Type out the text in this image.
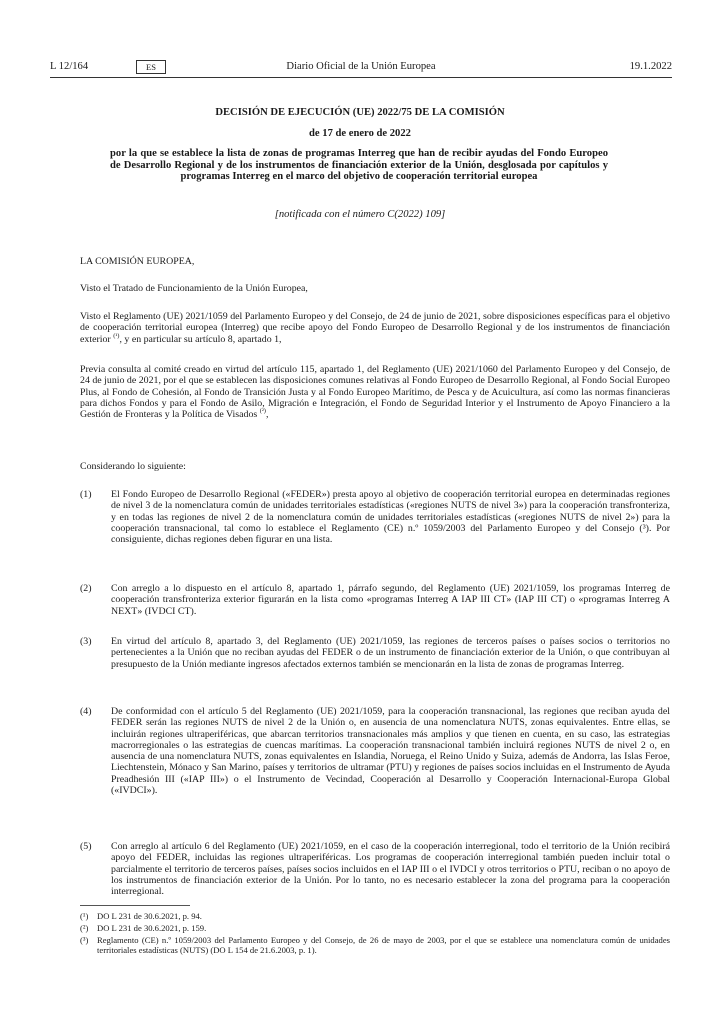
L 12/164	ES	Diario Oficial de la Unión Europea	19.1.2022
DECISIÓN DE EJECUCIÓN (UE) 2022/75 DE LA COMISIÓN
de 17 de enero de 2022
por la que se establece la lista de zonas de programas Interreg que han de recibir ayudas del Fondo Europeo de Desarrollo Regional y de los instrumentos de financiación exterior de la Unión, desglosada por capítulos y programas Interreg en el marco del objetivo de cooperación territorial europea
[notificada con el número C(2022) 109]
LA COMISIÓN EUROPEA,
Visto el Tratado de Funcionamiento de la Unión Europea,
Visto el Reglamento (UE) 2021/1059 del Parlamento Europeo y del Consejo, de 24 de junio de 2021, sobre disposiciones específicas para el objetivo de cooperación territorial europea (Interreg) que recibe apoyo del Fondo Europeo de Desarrollo Regional y de los instrumentos de financiación exterior $^{(^1)}$, y en particular su artículo 8, apartado 1,
Previa consulta al comité creado en virtud del artículo 115, apartado 1, del Reglamento (UE) 2021/1060 del Parlamento Europeo y del Consejo, de 24 de junio de 2021, por el que se establecen las disposiciones comunes relativas al Fondo Europeo de Desarrollo Regional, al Fondo Social Europeo Plus, al Fondo de Cohesión, al Fondo de Transición Justa y al Fondo Europeo Marítimo, de Pesca y de Acuicultura, así como las normas financieras para dichos Fondos y para el Fondo de Asilo, Migración e Integración, el Fondo de Seguridad Interior y el Instrumento de Apoyo Financiero a la Gestión de Fronteras y la Política de Visados $^{(^2)}$,
Considerando lo siguiente:
(1) El Fondo Europeo de Desarrollo Regional («FEDER») presta apoyo al objetivo de cooperación territorial europea en determinadas regiones de nivel 3 de la nomenclatura común de unidades territoriales estadísticas («regiones NUTS de nivel 3») para la cooperación transfronteriza, y en todas las regiones de nivel 2 de la nomenclatura común de unidades territoriales estadísticas («regiones NUTS de nivel 2») para la cooperación transnacional, tal como lo establece el Reglamento (CE) n.º 1059/2003 del Parlamento Europeo y del Consejo (³). Por consiguiente, dichas regiones deben figurar en una lista.
(2) Con arreglo a lo dispuesto en el artículo 8, apartado 1, párrafo segundo, del Reglamento (UE) 2021/1059, los programas Interreg de cooperación transfronteriza exterior figurarán en la lista como «programas Interreg A IAP III CT» (IAP III CT) o «programas Interreg A NEXT» (IVDCI CT).
(3) En virtud del artículo 8, apartado 3, del Reglamento (UE) 2021/1059, las regiones de terceros países o países socios o territorios no pertenecientes a la Unión que no reciban ayudas del FEDER o de un instrumento de financiación exterior de la Unión, o que contribuyan al presupuesto de la Unión mediante ingresos afectados externos también se mencionarán en la lista de zonas de programas Interreg.
(4) De conformidad con el artículo 5 del Reglamento (UE) 2021/1059, para la cooperación transnacional, las regiones que reciban ayuda del FEDER serán las regiones NUTS de nivel 2 de la Unión o, en ausencia de una nomenclatura NUTS, zonas equivalentes. Entre ellas, se incluirán regiones ultraperiféricas, que abarcan territorios transnacionales más amplios y que tienen en cuenta, en su caso, las estrategias macrorregionales o las estrategias de cuencas marítimas. La cooperación transnacional también incluirá regiones NUTS de nivel 2 o, en ausencia de una nomenclatura NUTS, zonas equivalentes en Islandia, Noruega, el Reino Unido y Suiza, además de Andorra, las Islas Feroe, Liechtenstein, Mónaco y San Marino, países y territorios de ultramar (PTU) y regiones de países socios incluidas en el Instrumento de Ayuda Preadhesión III («IAP III») o el Instrumento de Vecindad, Cooperación al Desarrollo y Cooperación Internacional-Europa Global («IVDCI»).
(5) Con arreglo al artículo 6 del Reglamento (UE) 2021/1059, en el caso de la cooperación interregional, todo el territorio de la Unión recibirá apoyo del FEDER, incluidas las regiones ultraperiféricas. Los programas de cooperación interregional también pueden incluir total o parcialmente el territorio de terceros países, países socios incluidos en el IAP III o el IVDCI y otros territorios o PTU, reciban o no apoyo de los instrumentos de financiación exterior de la Unión. Por lo tanto, no es necesario establecer la zona del programa para la cooperación interregional.
(¹) DO L 231 de 30.6.2021, p. 94.
(²) DO L 231 de 30.6.2021, p. 159.
(³) Reglamento (CE) n.º 1059/2003 del Parlamento Europeo y del Consejo, de 26 de mayo de 2003, por el que se establece una nomenclatura común de unidades territoriales estadísticas (NUTS) (DO L 154 de 21.6.2003, p. 1).
